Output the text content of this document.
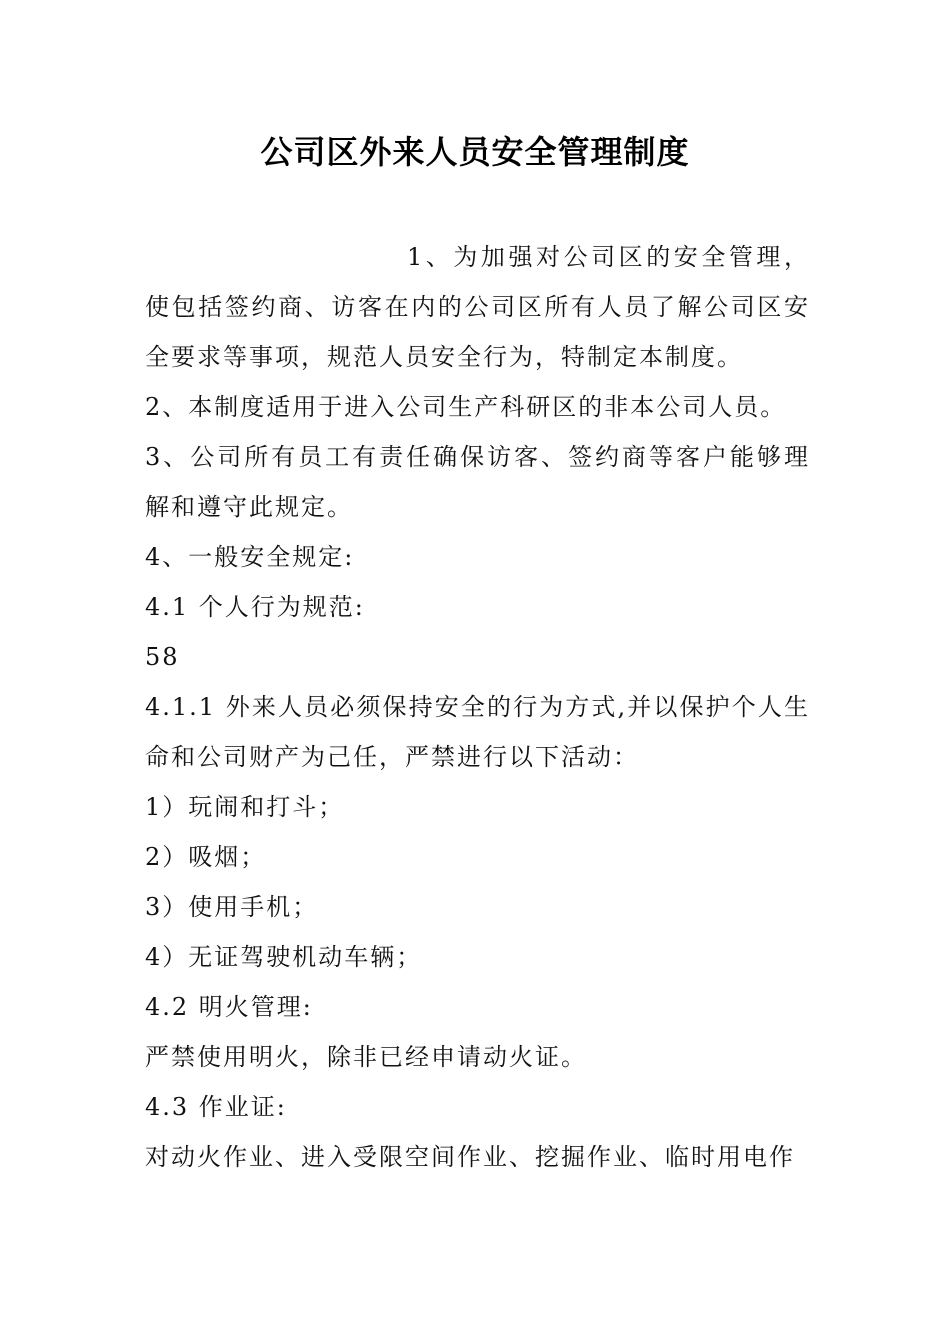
公司区外来人员安全管理制度

1、为加强对公司区的安全管理，使包括签约商、访客在内的公司区所有人员了解公司区安全要求等事项，规范人员安全行为，特制定本制度。

2、本制度适用于进入公司生产科研区的非本公司人员。

3、公司所有员工有责任确保访客、签约商等客户能够理解和遵守此规定。

4、一般安全规定:

4.1 个人行为规范:

58

4.1.1 外来人员必须保持安全的行为方式,并以保护个人生命和公司财产为己任，严禁进行以下活动：

1）玩闹和打斗；

2）吸烟；

3）使用手机；

4）无证驾驶机动车辆；

4.2 明火管理:

严禁使用明火，除非已经申请动火证。

4.3 作业证:

对动火作业、进入受限空间作业、挖掘作业、临时用电作
